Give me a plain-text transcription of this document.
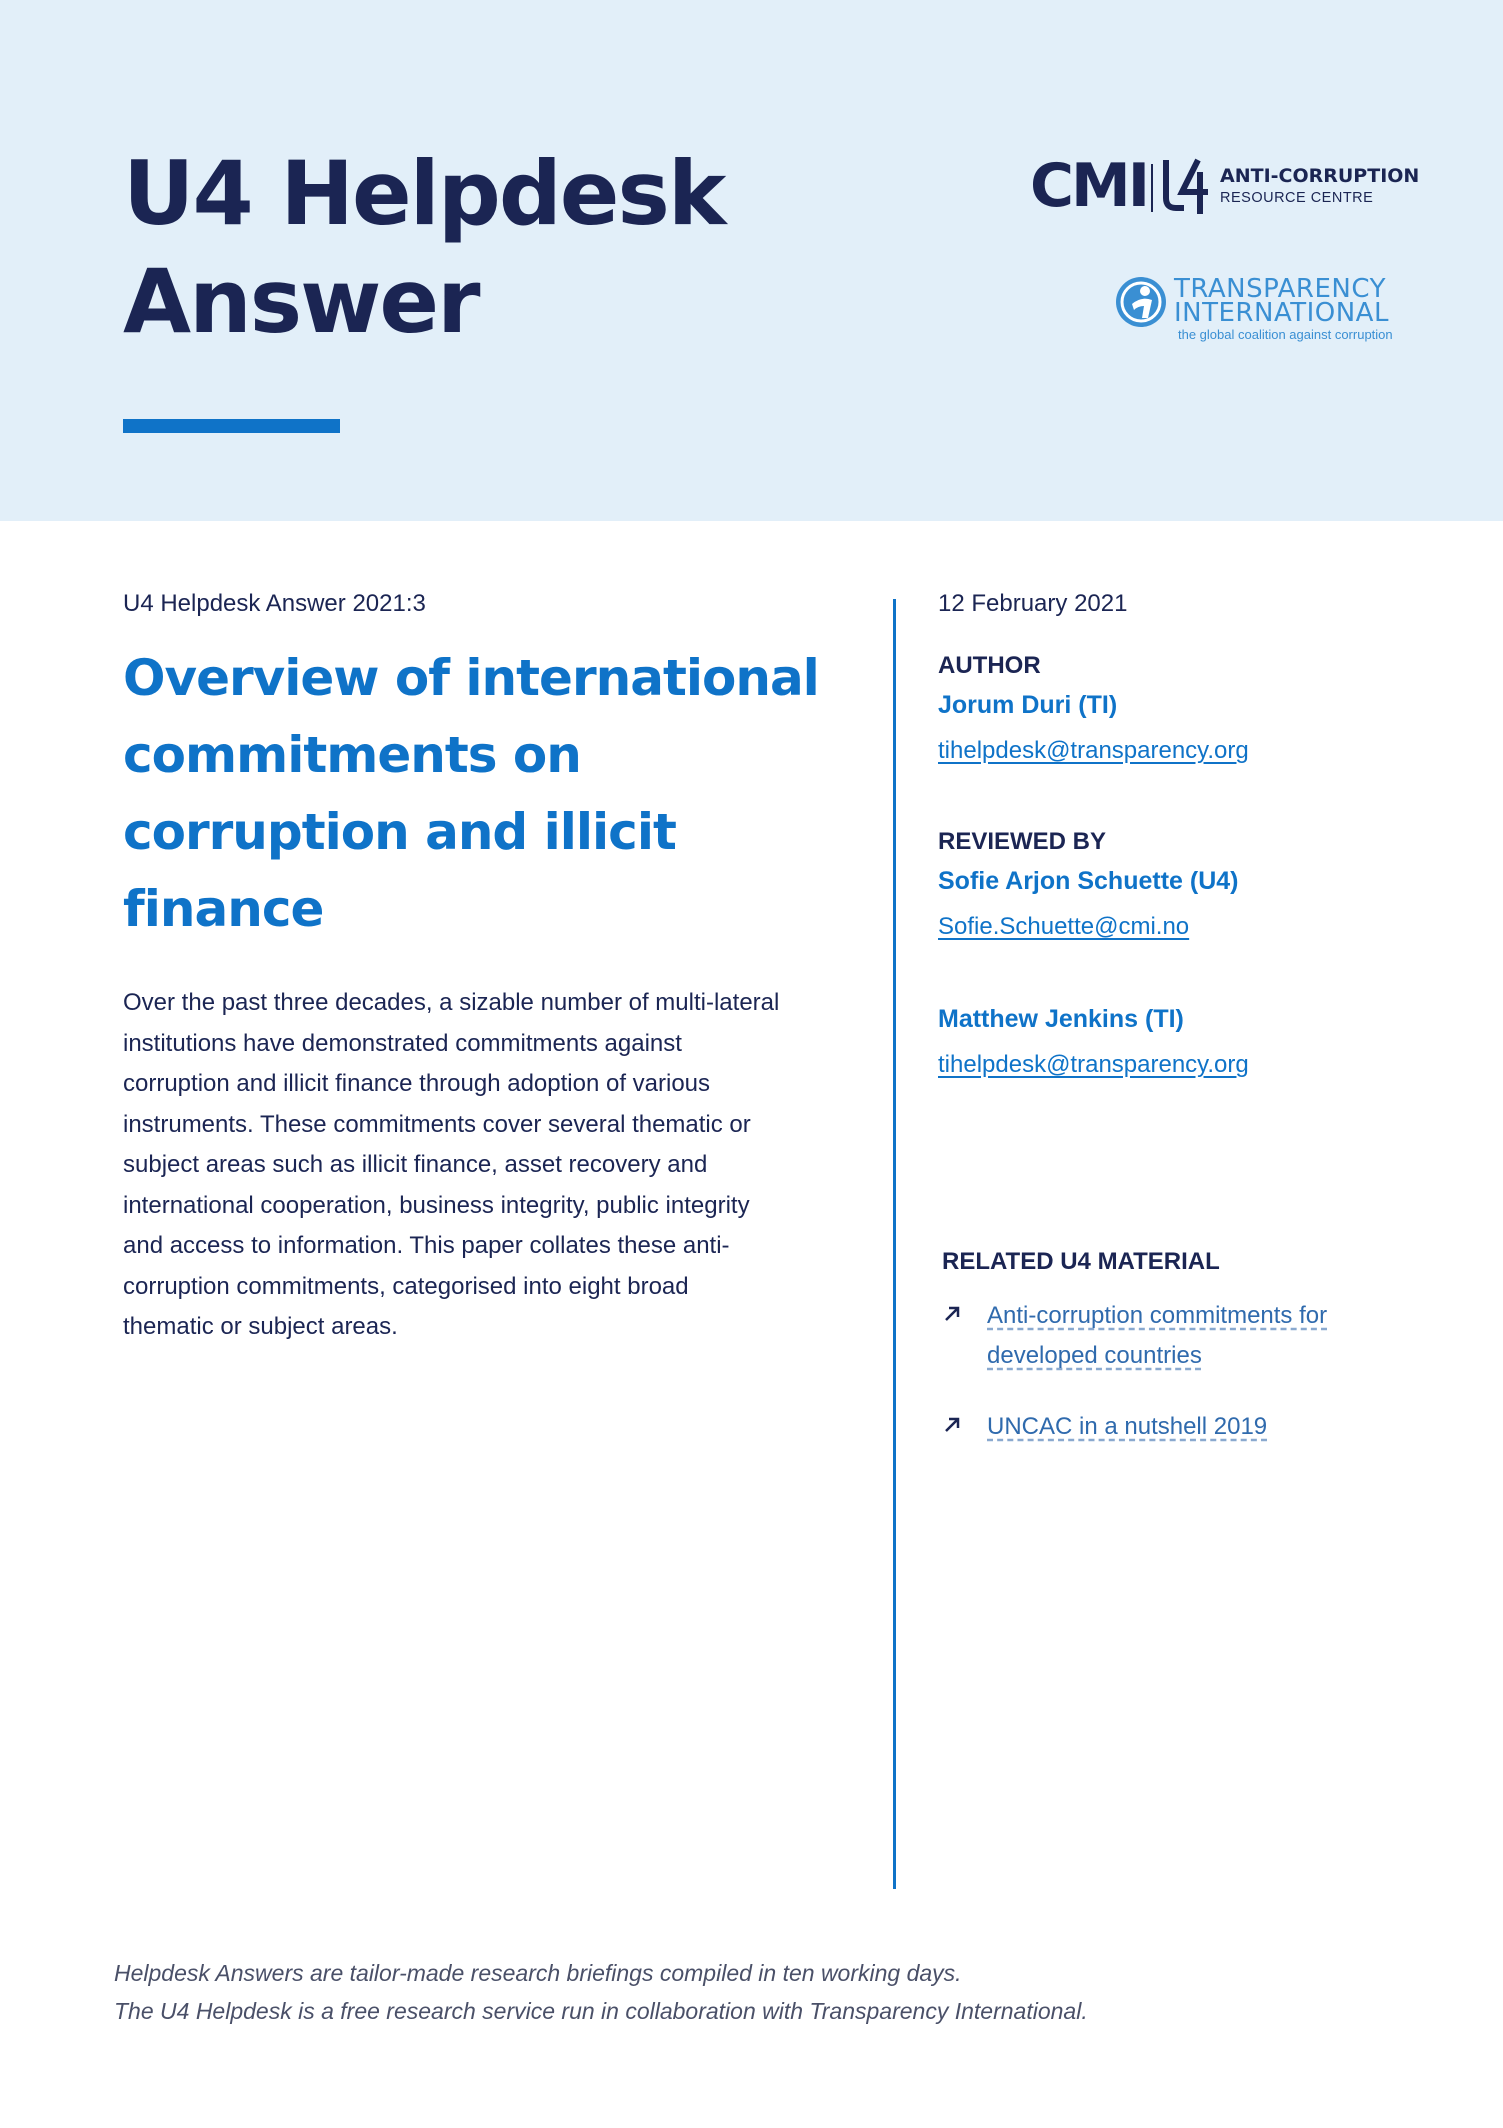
U4 Helpdesk
Answer
CMI	ANTI-CORRUPTION
RESOURCE CENTRE
TRANSPARENCY
INTERNATIONAL
the global coalition against corruption
U4 Helpdesk Answer 2021:3
Overview of international
commitments on
corruption and illicit
finance
Over the past three decades, a sizable number of multi-lateral
institutions have demonstrated commitments against
corruption and illicit finance through adoption of various
instruments. These commitments cover several thematic or
subject areas such as illicit finance, asset recovery and
international cooperation, business integrity, public integrity
and access to information. This paper collates these anti-
corruption commitments, categorised into eight broad
thematic or subject areas.
12 February 2021
AUTHOR
Jorum Duri (TI)
tihelpdesk@transparency.org
REVIEWED BY
Sofie Arjon Schuette (U4)
Sofie.Schuette@cmi.no
Matthew Jenkins (TI)
tihelpdesk@transparency.org
RELATED U4 MATERIAL
Anti-corruption commitments for
developed countries
UNCAC in a nutshell 2019
Helpdesk Answers are tailor-made research briefings compiled in ten working days.
The U4 Helpdesk is a free research service run in collaboration with Transparency International.
